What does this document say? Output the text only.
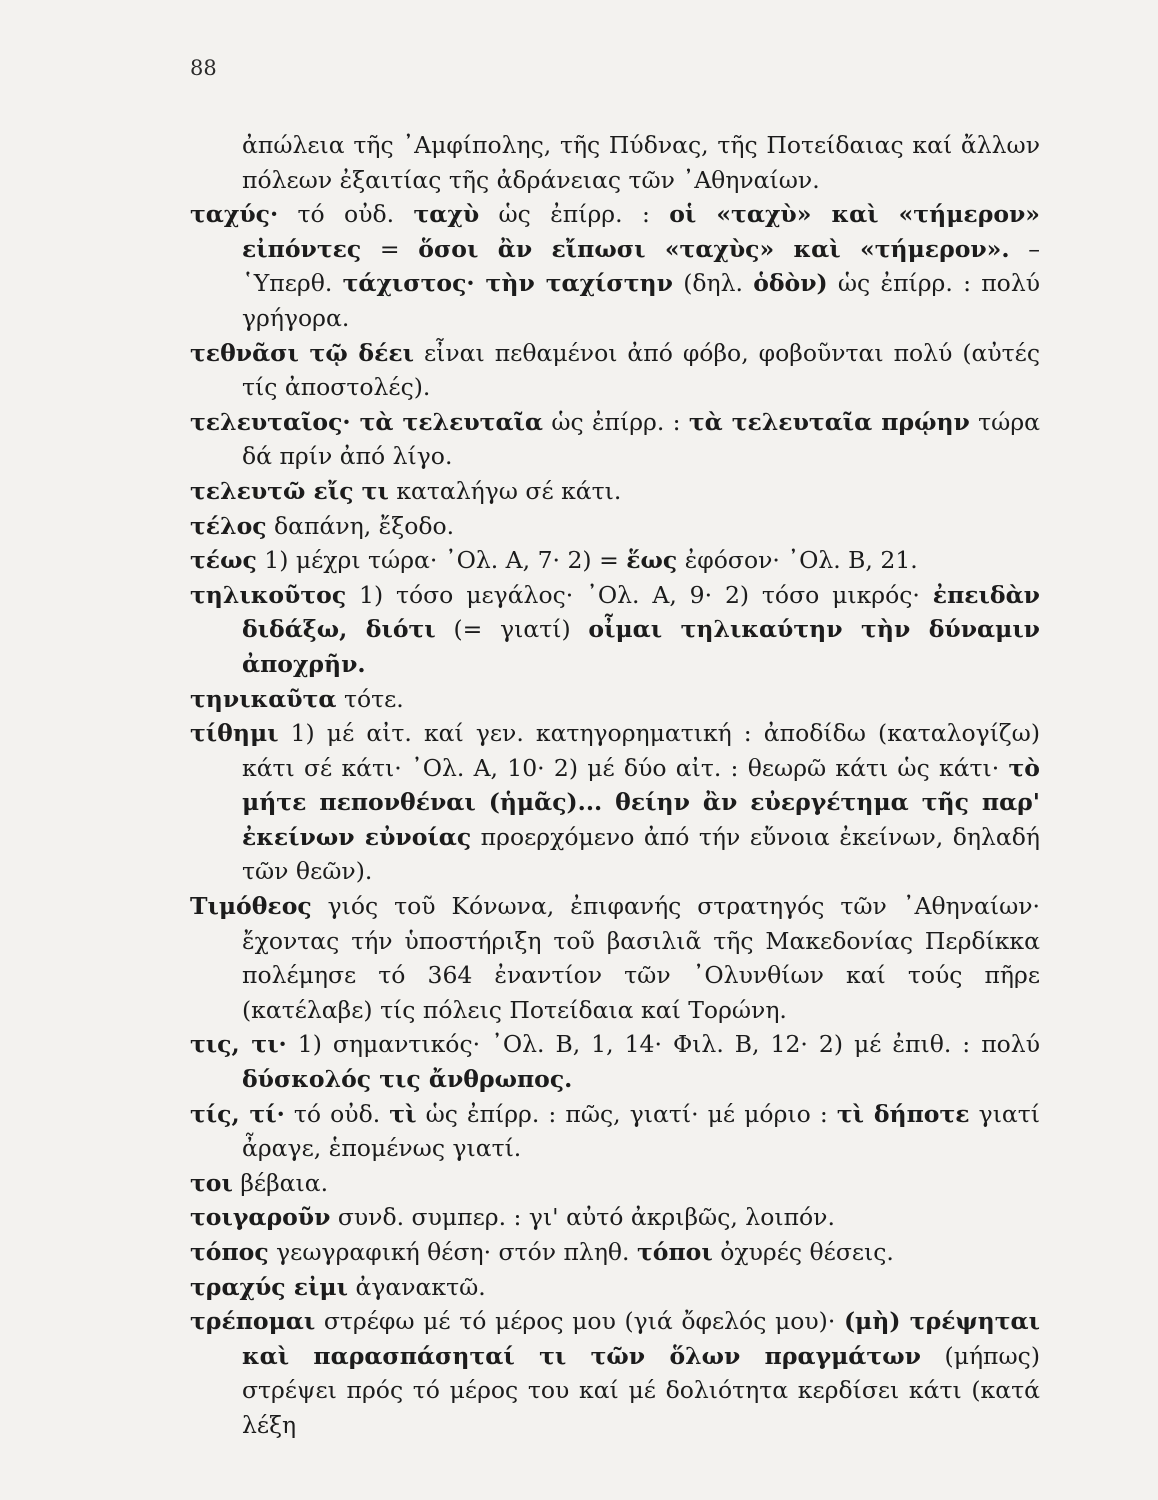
88

ἀπώλεια τῆς ᾿Αμφίπολης, τῆς Πύδνας, τῆς Ποτείδαιας καί ἄλλων πόλεων ἐξαιτίας τῆς ἀδράνειας τῶν ᾿Αθηναίων.

ταχύς· τό οὐδ. ταχὺ ὡς ἐπίρρ. : οἱ «ταχὺ» καὶ «τήμερον» εἰπόντες = ὅσοι ἂν εἴπωσι «ταχὺς» καὶ «τήμερον». – ῾Υπερθ. τάχιστος· τὴν ταχίστην (δηλ. ὁδὸν) ὡς ἐπίρρ. : πολύ γρήγορα.

τεθνᾶσι τῷ δέει εἶναι πεθαμένοι ἀπό φόβο, φοβοῦνται πολύ (αὐτές τίς ἀποστολές).

τελευταῖος· τὰ τελευταῖα ὡς ἐπίρρ. : τὰ τελευταῖα πρῴην τώρα δά πρίν ἀπό λίγο.

τελευτῶ εἴς τι καταλήγω σέ κάτι.

τέλος δαπάνη, ἔξοδο.

τέως 1) μέχρι τώρα· ᾿Ολ. Α, 7· 2) = ἕως ἐφόσον· ᾿Ολ. Β, 21.

τηλικοῦτος 1) τόσο μεγάλος· ᾿Ολ. Α, 9· 2) τόσο μικρός· ἐπειδὰν διδάξω, διότι (= γιατί) οἶμαι τηλικαύτην τὴν δύναμιν ἀποχρῆν.

τηνικαῦτα τότε.

τίθημι 1) μέ αἰτ. καί γεν. κατηγορηματική : ἀποδίδω (καταλογίζω) κάτι σέ κάτι· ᾿Ολ. Α, 10· 2) μέ δύο αἰτ. : θεωρῶ κάτι ὡς κάτι· τὸ μήτε πεπονθέναι (ἡμᾶς)... θείην ἂν εὐεργέτημα τῆς παρ' ἐκείνων εὐνοίας προερχόμενο ἀπό τήν εὔνοια ἐκείνων, δηλαδή τῶν θεῶν).

Τιμόθεος γιός τοῦ Κόνωνα, ἐπιφανής στρατηγός τῶν ᾿Αθηναίων· ἔχοντας τήν ὑποστήριξη τοῦ βασιλιᾶ τῆς Μακεδονίας Περδίκκα πολέμησε τό 364 ἐναντίον τῶν ᾿Ολυνθίων καί τούς πῆρε (κατέλαβε) τίς πόλεις Ποτείδαια καί Τορώνη.

τις, τι· 1) σημαντικός· ᾿Ολ. Β, 1, 14· Φιλ. Β, 12· 2) μέ ἐπιθ. : πολύ δύσκολός τις ἄνθρωπος.

τίς, τί· τό οὐδ. τὶ ὡς ἐπίρρ. : πῶς, γιατί· μέ μόριο : τὶ δήποτε γιατί ἆραγε, ἑπομένως γιατί.

τοι βέβαια.

τοιγαροῦν συνδ. συμπερ. : γι' αὐτό ἀκριβῶς, λοιπόν.

τόπος γεωγραφική θέση· στόν πληθ. τόποι ὀχυρές θέσεις.

τραχύς εἰμι ἀγανακτῶ.

τρέπομαι στρέφω μέ τό μέρος μου (γιά ὄφελός μου)· (μὴ) τρέψηται καὶ παρασπάσηταί τι τῶν ὅλων πραγμάτων (μήπως) στρέψει πρός τό μέρος του καί μέ δολιότητα κερδίσει κάτι (κατά λέξη
